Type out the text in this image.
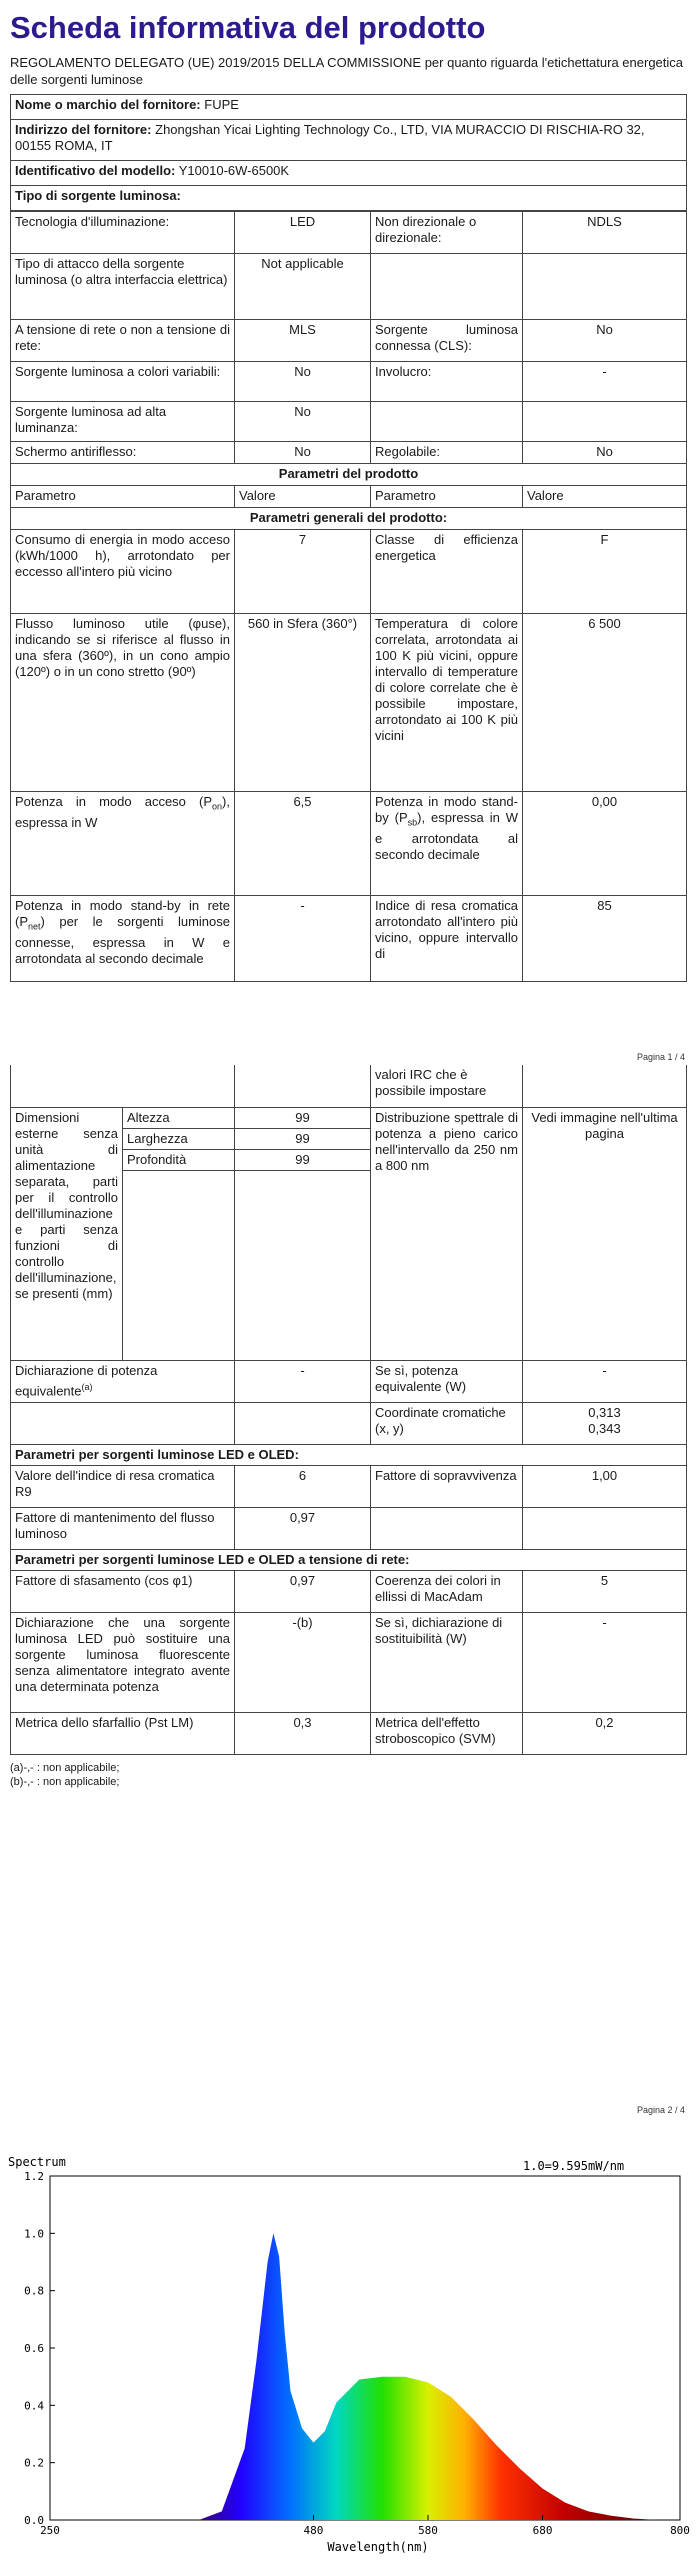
Scheda informativa del prodotto
REGOLAMENTO DELEGATO (UE) 2019/2015 DELLA COMMISSIONE per quanto riguarda l'etichettatura energetica delle sorgenti luminose
Nome o marchio del fornitore: FUPE
Indirizzo del fornitore: Zhongshan Yicai Lighting Technology Co., LTD, VIA MURACCIO DI RISCHIA-RO 32, 00155 ROMA, IT
Identificativo del modello: Y10010-6W-6500K
Tipo di sorgente luminosa:
Tecnologia d'illuminazione:	LED	Non direzionale o direzionale:	NDLS
Tipo di attacco della sorgente luminosa (o altra interfaccia elettrica)	Not applicable		
A tensione di rete o non a tensione di rete:	MLS	Sorgente luminosa connessa (CLS):	No
Sorgente luminosa a colori variabili:	No	Involucro:	-
Sorgente luminosa ad alta luminanza:	No		
Schermo antiriflesso:	No	Regolabile:	No
Parametri del prodotto			
Parametro	Valore	Parametro	Valore
Parametri generali del prodotto:			
Consumo di energia in modo acceso (kWh/1000 h), arrotondato per eccesso all'intero più vicino	7	Classe di efficienza energetica	F
Flusso luminoso utile (φuse), indicando se si riferisce al flusso in una sfera (360º), in un cono ampio (120º) o in un cono stretto (90º)	560 in Sfera (360°)	Temperatura di colore correlata, arrotondata ai 100 K più vicini, oppure intervallo di temperature di colore correlate che è possibile impostare, arrotondato ai 100 K più vicini	6 500
Potenza in modo acceso $(P_{on})$, espressa in W	6,5	Potenza in modo stand-by $(P_{sb})$, espressa in W e arrotondata al secondo decimale	0,00
Potenza in modo stand-by in rete $(P_{net})$ per le sorgenti luminose connesse, espressa in W e arrotondata al secondo decimale	-	Indice di resa cromatica arrotondato all'intero più vicino, oppure intervallo di	85
Pagina 1 / 4
			valori IRC che è possibile impostare	
Dimensioni esterne senza unità di alimentazione separata, parti per il controllo dell'illuminazione e parti senza funzioni di controllo dell'illuminazione, se presenti (mm)	Altezza	99	Distribuzione spettrale di potenza a pieno carico nell'intervallo da 250 nm a 800 nm	Vedi immagine nell'ultima pagina
	Larghezza	99		
	Profondità	99		

Dichiarazione di potenza equivalente$^{(a)}$		-	Se sì, potenza equivalente (W)	-
			Coordinate cromatiche (x, y)	0,313
0,343

Parametri per sorgenti luminose LED e OLED:				
Valore dell'indice di resa cromatica R9		6	Fattore di sopravvivenza	1,00
Fattore di mantenimento del flusso luminoso		0,97		
Parametri per sorgenti luminose LED e OLED a tensione di rete:				
Fattore di sfasamento (cos φ1)		0,97	Coerenza dei colori in ellissi di MacAdam	5
Dichiarazione che una sorgente luminosa LED può sostituire una sorgente luminosa fluorescente senza alimentatore integrato avente una determinata potenza		-(b)	Se sì, dichiarazione di sostituibilità (W)	-
Metrica dello sfarfallio (Pst LM)		0,3	Metrica dell'effetto stroboscopico (SVM)	0,2
(a)-,- : non applicabile;
(b)-,- : non applicabile;
Pagina 2 / 4
Spectrum	1.0=9.595mW/nm
0.0
0.2
0.4
0.6
0.8
1.0
1.2
250	480	580	680	800
Wavelength(nm)
